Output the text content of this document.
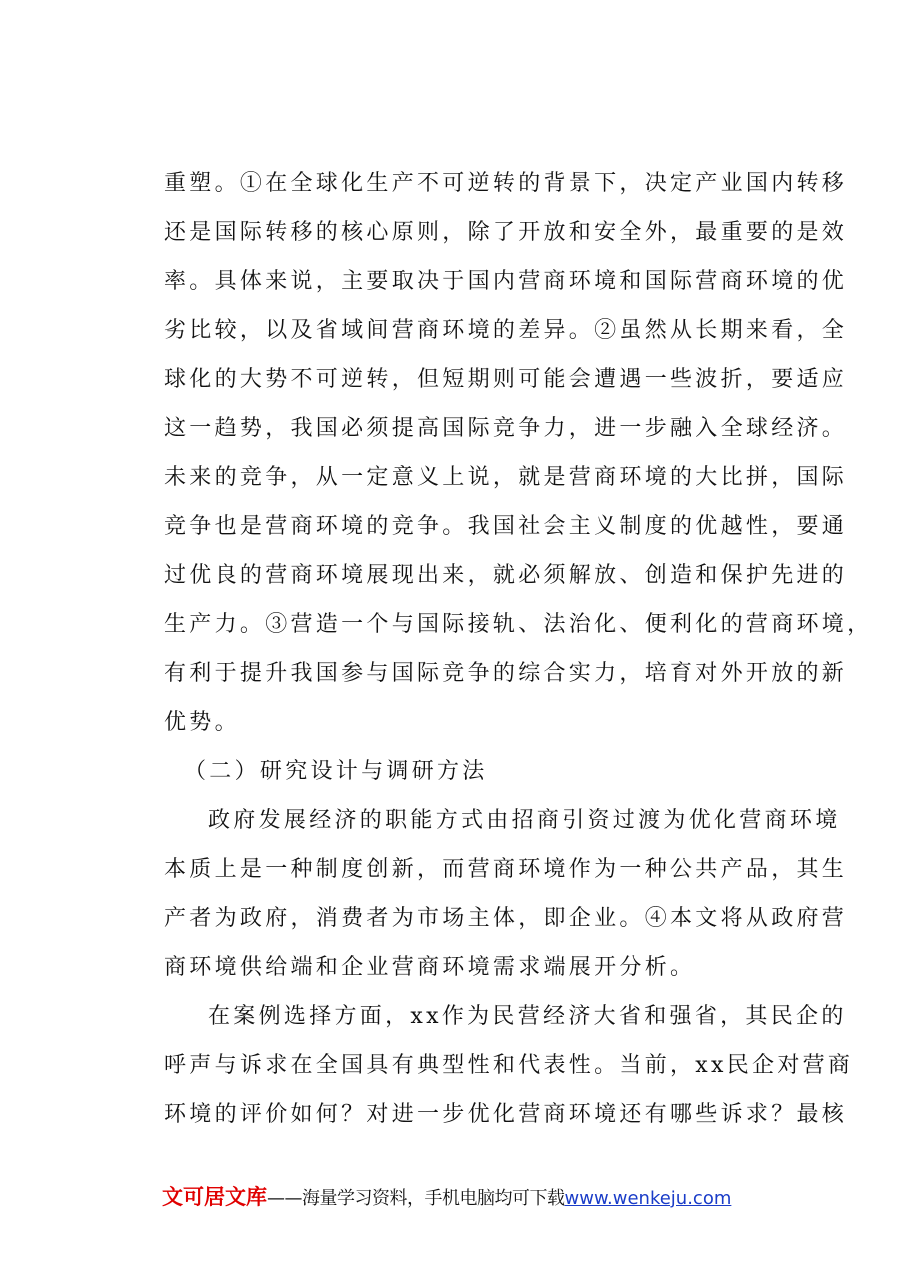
重塑。①在全球化生产不可逆转的背景下，决定产业国内转移
还是国际转移的核心原则，除了开放和安全外，最重要的是效
率。具体来说，主要取决于国内营商环境和国际营商环境的优
劣比较，以及省域间营商环境的差异。②虽然从长期来看，全
球化的大势不可逆转，但短期则可能会遭遇一些波折，要适应
这一趋势，我国必须提高国际竞争力，进一步融入全球经济。
未来的竞争，从一定意义上说，就是营商环境的大比拼，国际
竞争也是营商环境的竞争。我国社会主义制度的优越性，要通
过优良的营商环境展现出来，就必须解放、创造和保护先进的
生产力。③营造一个与国际接轨、法治化、便利化的营商环境，
有利于提升我国参与国际竞争的综合实力，培育对外开放的新
优势。
（二）研究设计与调研方法
政府发展经济的职能方式由招商引资过渡为优化营商环境
本质上是一种制度创新，而营商环境作为一种公共产品，其生
产者为政府，消费者为市场主体，即企业。④本文将从政府营
商环境供给端和企业营商环境需求端展开分析。
在案例选择方面，xx作为民营经济大省和强省，其民企的
呼声与诉求在全国具有典型性和代表性。当前，xx民企对营商
环境的评价如何？对进一步优化营商环境还有哪些诉求？最核
文可居文库——海量学习资料，手机电脑均可下载www.wenkeju.com
